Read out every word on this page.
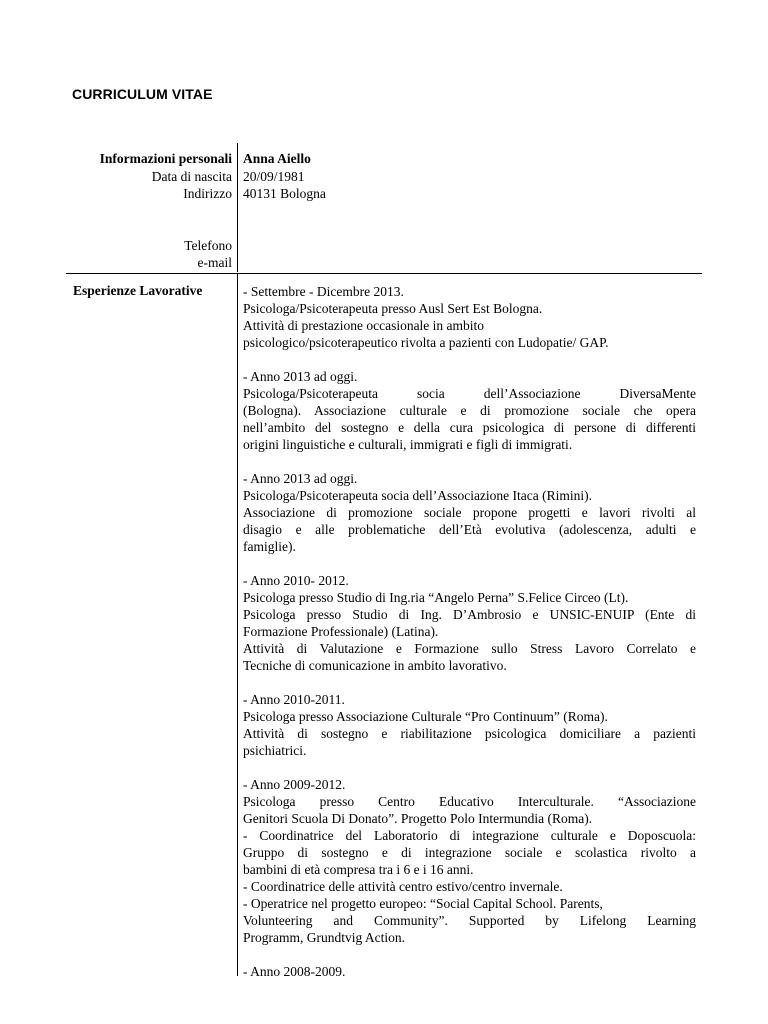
CURRICULUM VITAE
Informazioni personali
Data di nascita
Indirizzo
Telefono
e-mail
Anna Aiello
20/09/1981
40131 Bologna
Esperienze Lavorative	- Settembre - Dicembre 2013.
Psicologa/Psicoterapeuta presso Ausl Sert Est Bologna.
Attività di prestazione occasionale in ambito
psicologico/psicoterapeutico rivolta a pazienti con Ludopatie/ GAP.
- Anno 2013 ad oggi.
Psicologa/Psicoterapeuta socia dell’Associazione DiversaMente
(Bologna). Associazione culturale e di promozione sociale che opera
nell’ambito del sostegno e della cura psicologica di persone di differenti
origini linguistiche e culturali, immigrati e figli di immigrati.
- Anno 2013 ad oggi.
Psicologa/Psicoterapeuta socia dell’Associazione Itaca (Rimini).
Associazione di promozione sociale propone progetti e lavori rivolti al
disagio e alle problematiche dell’Età evolutiva (adolescenza, adulti e
famiglie).
- Anno 2010- 2012.
Psicologa presso Studio di Ing.ria “Angelo Perna” S.Felice Circeo (Lt).
Psicologa presso Studio di Ing. D’Ambrosio e UNSIC-ENUIP (Ente di
Formazione Professionale) (Latina).
Attività di Valutazione e Formazione sullo Stress Lavoro Correlato e
Tecniche di comunicazione in ambito lavorativo.
- Anno 2010-2011.
Psicologa presso Associazione Culturale “Pro Continuum” (Roma).
Attività di sostegno e riabilitazione psicologica domiciliare a pazienti
psichiatrici.
- Anno 2009-2012.
Psicologa presso Centro Educativo Interculturale. “Associazione
Genitori Scuola Di Donato”. Progetto Polo Intermundia (Roma).
- Coordinatrice del Laboratorio di integrazione culturale e Doposcuola:
Gruppo di sostegno e di integrazione sociale e scolastica rivolto a
bambini di età compresa tra i 6 e i 16 anni.
- Coordinatrice delle attività centro estivo/centro invernale.
- Operatrice nel progetto europeo: “Social Capital School. Parents,
Volunteering and Community”. Supported by Lifelong Learning
Programm, Grundtvig Action.
- Anno 2008-2009.
